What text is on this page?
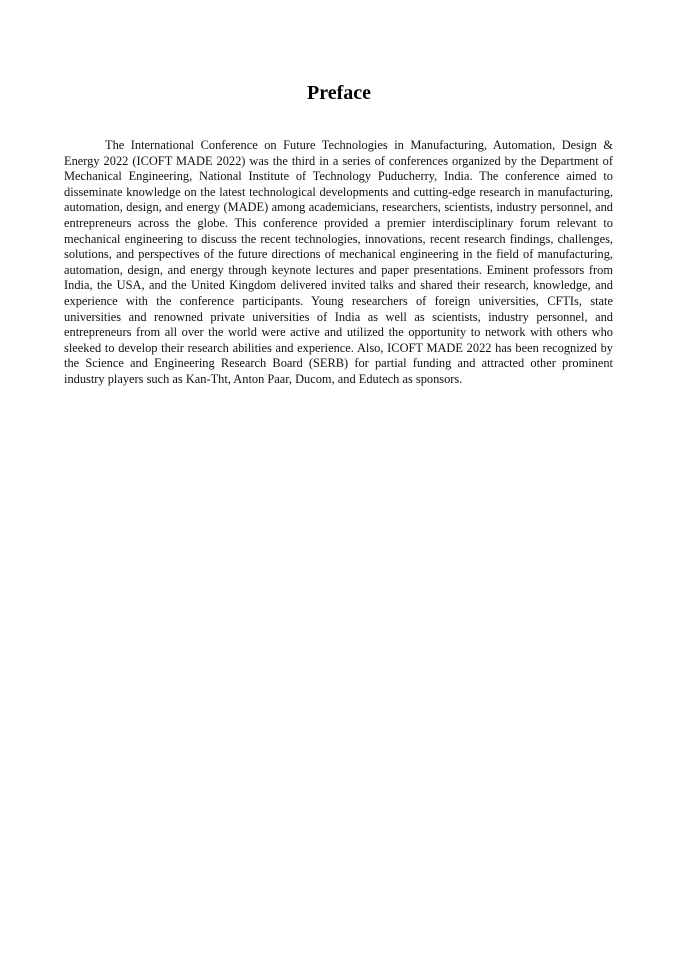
Preface

The International Conference on Future Technologies in Manufacturing, Automation, Design & Energy 2022 (ICOFT MADE 2022) was the third in a series of conferences organized by the Department of Mechanical Engineering, National Institute of Technology Puducherry, India. The conference aimed to disseminate knowledge on the latest technological developments and cutting-edge research in manufacturing, automation, design, and energy (MADE) among academicians, researchers, scientists, industry personnel, and entrepreneurs across the globe. This conference provided a premier interdisciplinary forum relevant to mechanical engineering to discuss the recent technologies, innovations, recent research findings, challenges, solutions, and perspectives of the future directions of mechanical engineering in the field of manufacturing, automation, design, and energy through keynote lectures and paper presentations. Eminent professors from India, the USA, and the United Kingdom delivered invited talks and shared their research, knowledge, and experience with the conference participants. Young researchers of foreign universities, CFTIs, state universities and renowned private universities of India as well as scientists, industry personnel, and entrepreneurs from all over the world were active and utilized the opportunity to network with others who sleeked to develop their research abilities and experience. Also, ICOFT MADE 2022 has been recognized by the Science and Engineering Research Board (SERB) for partial funding and attracted other prominent industry players such as Kan-Tht, Anton Paar, Ducom, and Edutech as sponsors.
